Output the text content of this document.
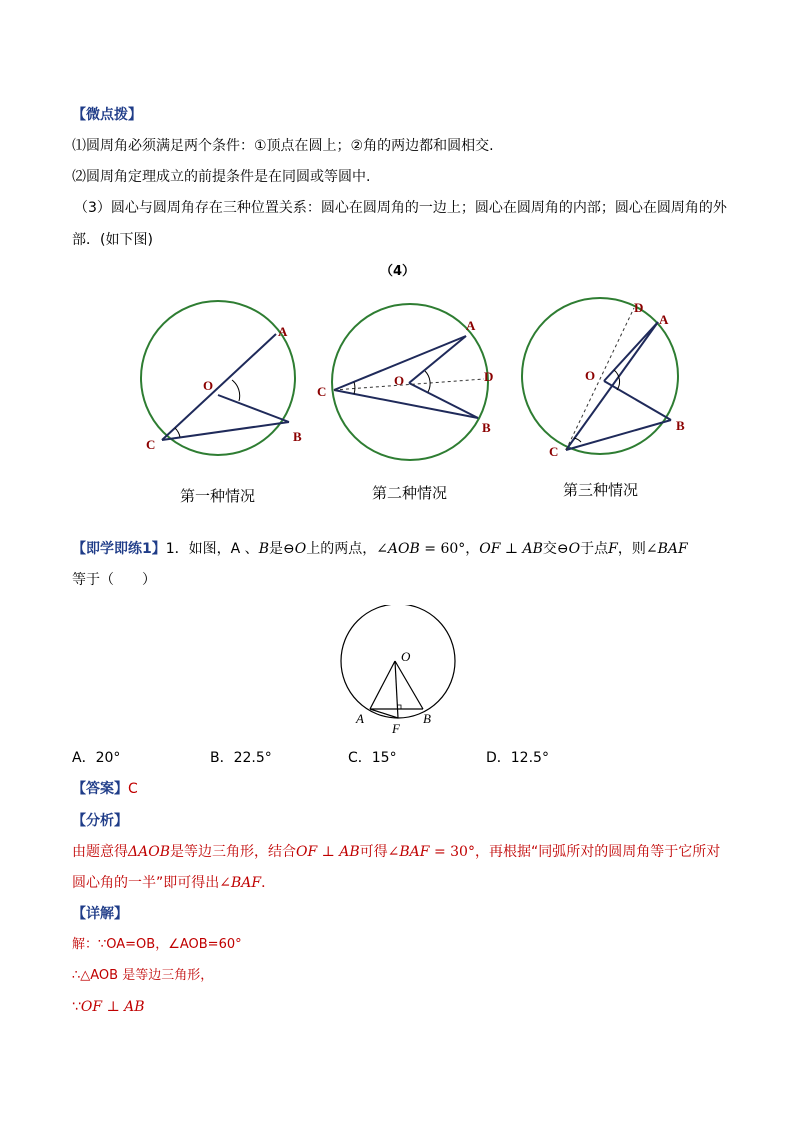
【微点拨】
⑴圆周角必须满足两个条件：①顶点在圆上；②角的两边都和圆相交.
⑵圆周角定理成立的前提条件是在同圆或等圆中.
（3）圆心与圆周角存在三种位置关系：圆心在圆周角的一边上；圆心在圆周角的内部；圆心在圆周角的外
部．(如下图)
（4）
A
O
B
C
A
O	D
C
B
D
A
O
B
C
第一种情况	第二种情况	第三种情况
【即学即练1】1．如图，A 、B是⊖O上的两点，∠AOB = 60°，OF ⊥ AB交⊖O于点F，则∠BAF
等于（　　）
O
A	B
F
A．20°	B．22.5°	C．15°	D．12.5°
【答案】C
【分析】
由题意得ΔAOB是等边三角形，结合OF ⊥ AB可得∠BAF = 30°，再根据“同弧所对的圆周角等于它所对
圆心角的一半”即可得出∠BAF．
【详解】
解：∵OA=OB，∠AOB=60°
∴△AOB 是等边三角形，
∵OF ⊥ AB
